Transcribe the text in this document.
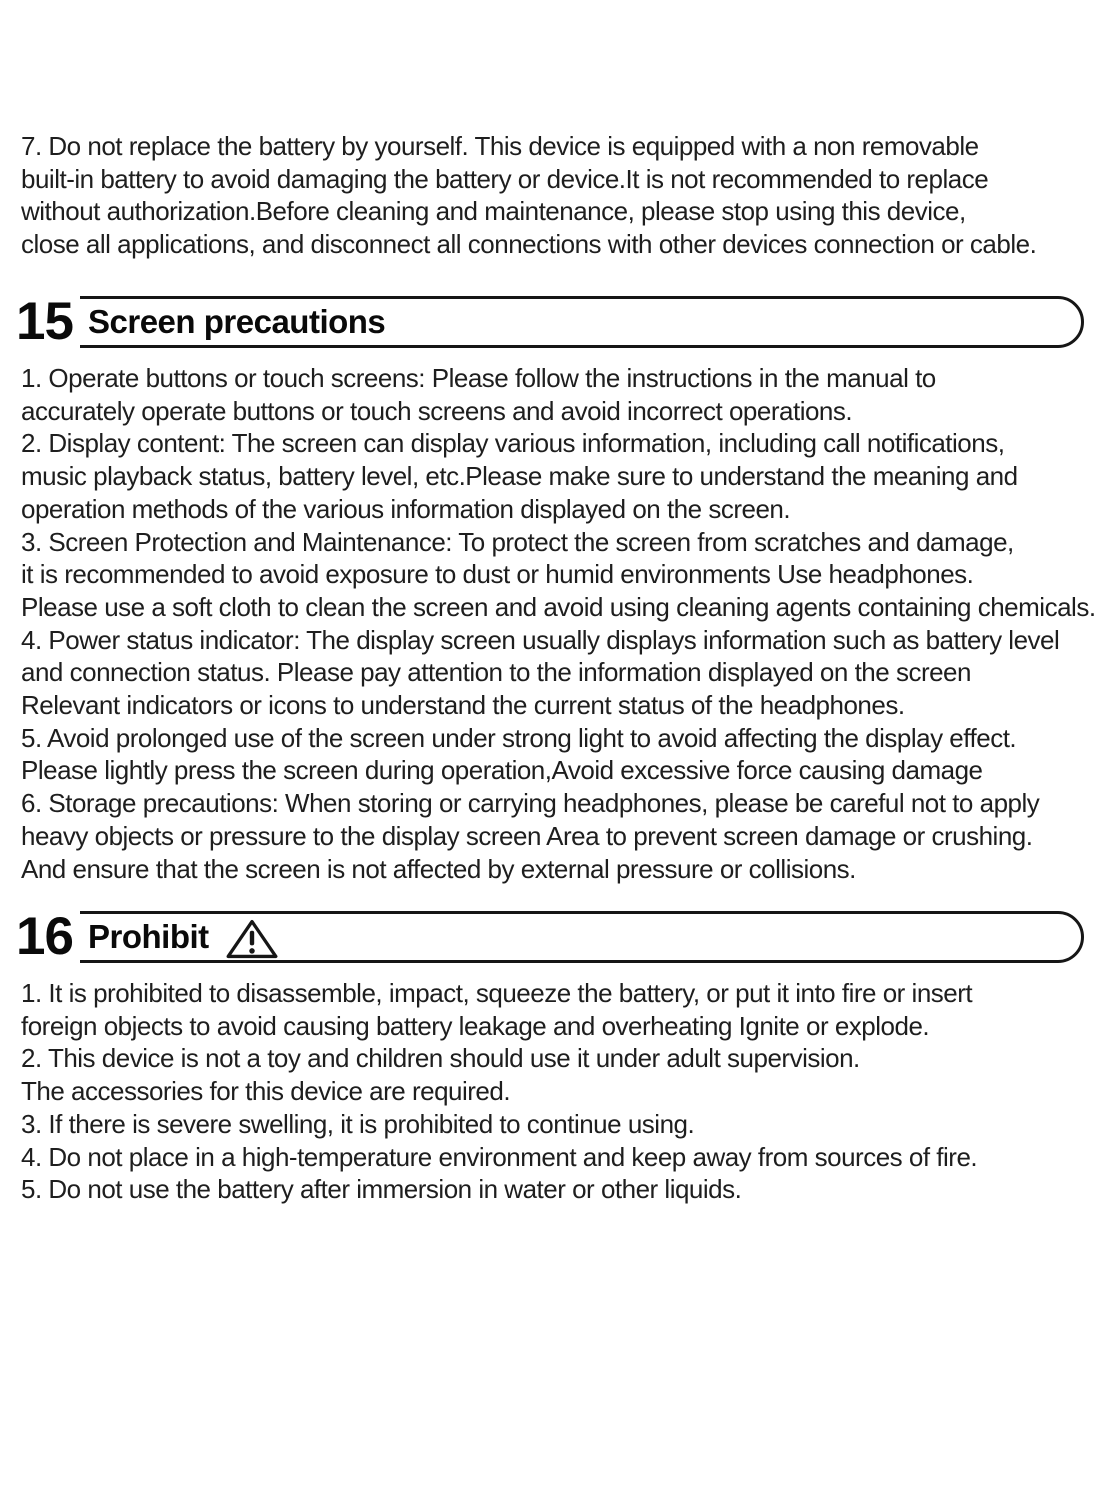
7. Do not replace the battery by yourself. This device is equipped with a non removable
built-in battery to avoid damaging the battery or device.It is not recommended to replace
without authorization.Before cleaning and maintenance, please stop using this device,
close all applications, and disconnect all connections with other devices connection or cable.
Screen precautions
15
1. Operate buttons or touch screens: Please follow the instructions in the manual to
accurately operate buttons or touch screens and avoid incorrect operations.
2. Display content: The screen can display various information, including call notifications,
music playback status, battery level, etc.Please make sure to understand the meaning and
operation methods of the various information displayed on the screen.
3. Screen Protection and Maintenance: To protect the screen from scratches and damage,
it is recommended to avoid exposure to dust or humid environments Use headphones.
Please use a soft cloth to clean the screen and avoid using cleaning agents containing chemicals.
4. Power status indicator: The display screen usually displays information such as battery level
and connection status. Please pay attention to the information displayed on the screen
Relevant indicators or icons to understand the current status of the headphones.
5. Avoid prolonged use of the screen under strong light to avoid affecting the display effect.
Please lightly press the screen during operation,Avoid excessive force causing damage
6. Storage precautions: When storing or carrying headphones, please be careful not to apply
heavy objects or pressure to the display screen Area to prevent screen damage or crushing.
And ensure that the screen is not affected by external pressure or collisions.
Prohibit
16
1. It is prohibited to disassemble, impact, squeeze the battery, or put it into fire or insert
foreign objects to avoid causing battery leakage and overheating Ignite or explode.
2. This device is not a toy and children should use it under adult supervision.
The accessories for this device are required.
3. If there is severe swelling, it is prohibited to continue using.
4. Do not place in a high-temperature environment and keep away from sources of fire.
5. Do not use the battery after immersion in water or other liquids.
